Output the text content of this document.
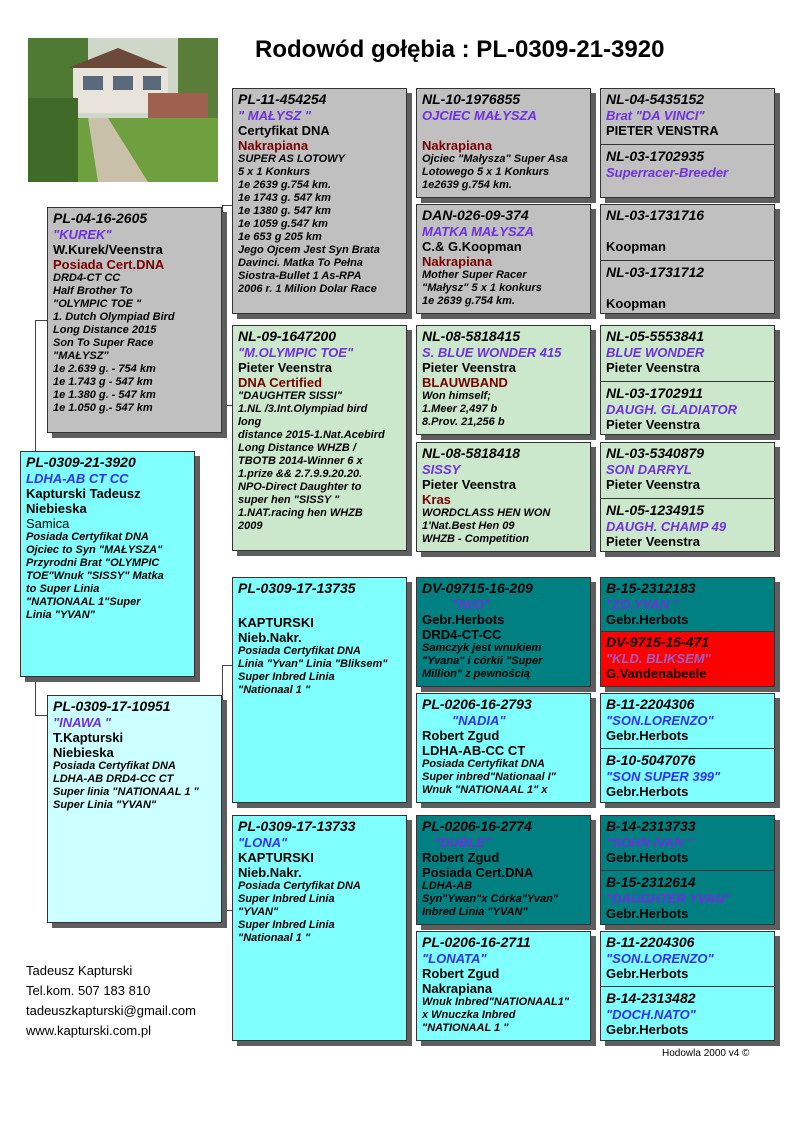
Rodowód gołębia : PL-0309-21-3920
PL-04-16-2605
"KUREK"
W.Kurek/Veenstra
Posiada Cert.DNA
DRD4-CT CC
Half Brother To
"OLYMPIC TOE "
1. Dutch Olympiad Bird
Long Distance 2015
Son To Super Race
"MAŁYSZ"
1e 2.639 g. - 754 km
1e 1.743 g - 547 km
1e 1.380 g. - 547 km
1e 1.050 g.- 547 km
PL-0309-21-3920
LDHA-AB CT CC
Kapturski Tadeusz
Niebieska
Samica
Posiada Certyfikat DNA
Ojciec to Syn "MAŁYSZA"
Przyrodni Brat "OLYMPIC
TOE"Wnuk "SISSY" Matka
to Super Linia
"NATIONAAL 1"Super
Linia "YVAN"
PL-0309-17-10951
"INAWA "
T.Kapturski
Niebieska
Posiada Certyfikat DNA
LDHA-AB DRD4-CC CT
Super linia "NATIONAAL 1 "
Super Linia "YVAN"
PL-11-454254
" MAŁYSZ "
Certyfikat DNA
Nakrapiana
SUPER AS LOTOWY
5 x 1 Konkurs
1e 2639 g.754 km.
1e 1743 g. 547 km
1e 1380 g. 547 km
1e 1059 g.547 km
1e 653 g 205 km
Jego Ojcem Jest Syn Brata
Davinci. Matka To Pełna
Siostra-Bullet 1 As-RPA
2006 r. 1 Milion Dolar Race
NL-09-1647200
"M.OLYMPIC TOE"
Pieter Veenstra
DNA Certified
"DAUGHTER SISSI"
1.NL /3.Int.Olympiad bird
long
distance 2015-1.Nat.Acebird
Long Distance WHZB /
TBOTB 2014-Winner 6 x
1.prize && 2.7.9.9.20.20.
NPO-Direct Daughter to
super hen "SISSY "
1.NAT.racing hen WHZB
2009
PL-0309-17-13735
KAPTURSKI
Nieb.Nakr.
Posiada Certyfikat DNA
Linia "Yvan" Linia "Bliksem"
Super Inbred Linia
"Nationaal 1 "
PL-0309-17-13733
"LONA"
KAPTURSKI
Nieb.Nakr.
Posiada Certyfikat DNA
Super Inbred Linia
"YVAN"
Super Inbred Linia
"Nationaal 1 "
NL-10-1976855
OJCIEC MAŁYSZA
Nakrapiana
Ojciec "Małysza" Super Asa
Lotowego 5 x 1 Konkurs
1e2639 g.754 km.
DAN-026-09-374
MATKA MAŁYSZA
C.& G.Koopman
Nakrapiana
Mother Super Racer
"Małysz" 5 x 1 konkurs
1e 2639 g.754 km.
NL-08-5818415
S. BLUE WONDER 415
Pieter Veenstra
BLAUWBAND
Won himself;
1.Meer 2,497 b
8.Prov. 21,256 b
NL-08-5818418
SISSY
Pieter Veenstra
Kras
WORDCLASS HEN WON
1'Nat.Best Hen 09
WHZB - Competition
DV-09715-16-209
"IWO"
Gebr.Herbots
DRD4-CT-CC
Samczyk jest wnukiem
"Yvana" i córkii "Super
Million" z pewnością
PL-0206-16-2793
"NADIA"
Robert Zgud
LDHA-AB-CC CT
Posiada Certyfikat DNA
Super inbred"Nationaal I"
Wnuk "NATIONAAL 1" x
PL-0206-16-2774
"DUBLE"
Robert Zgud
Posiada Cert.DNA
LDHA-AB
Syn"Ywan"x Córka"Yvan"
Inbred Linia "YVAN"
PL-0206-16-2711
"LONATA"
Robert Zgud
Nakrapiana
Wnuk Inbred"NATIONAAL1"
x Wnuczka Inbred
"NATIONAAL 1 "
NL-04-5435152
Brat "DA VINCI"
PIETER VENSTRA
NL-03-1702935
Superracer-Breeder
NL-03-1731716
Koopman
NL-03-1731712
Koopman
NL-05-5553841
BLUE WONDER
Pieter Veenstra
NL-03-1702911
DAUGH. GLADIATOR
Pieter Veenstra
NL-03-5340879
SON DARRYL
Pieter Veenstra
NL-05-1234915
DAUGH. CHAMP 49
Pieter Veenstra
B-15-2312183
"ZO.YVAN "
Gebr.Herbots
DV-9715-15-471
"KLD. BLIKSEM"
G.Vandenabeele
B-11-2204306
"SON.LORENZO"
Gebr.Herbots
B-10-5047076
"SON SUPER 399"
Gebr.Herbots
B-14-2313733
"SOHN IVAN "
Gebr.Herbots
B-15-2312614
"DAUGHTER YVAN"
Gebr.Herbots
B-11-2204306
"SON.LORENZO"
Gebr.Herbots
B-14-2313482
"DOCH.NATO"
Gebr.Herbots
Tadeusz Kapturski
Tel.kom. 507 183 810
tadeuszkapturski@gmail.com
www.kapturski.com.pl
Hodowla 2000 v4 ©
